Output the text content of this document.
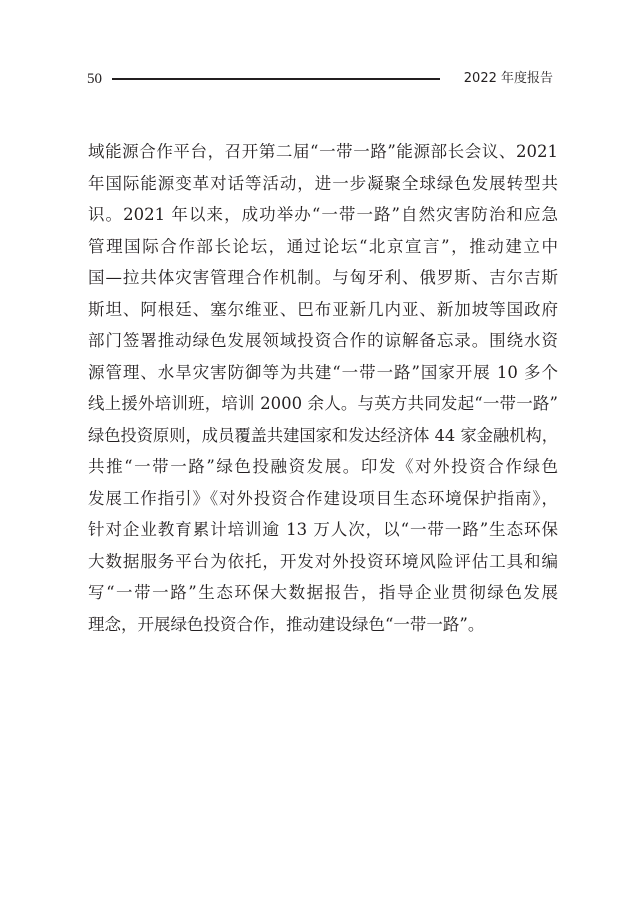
50	2022 年度报告
域能源合作平台，召开第二届“一带一路”能源部长会议、2021
年国际能源变革对话等活动，进一步凝聚全球绿色发展转型共
识。2021 年以来，成功举办“一带一路”自然灾害防治和应急
管理国际合作部长论坛，通过论坛“北京宣言”，推动建立中
国—拉共体灾害管理合作机制。与匈牙利、俄罗斯、吉尔吉斯
斯坦、阿根廷、塞尔维亚、巴布亚新几内亚、新加坡等国政府
部门签署推动绿色发展领域投资合作的谅解备忘录。围绕水资
源管理、水旱灾害防御等为共建“一带一路”国家开展 10 多个
线上援外培训班，培训 2000 余人。与英方共同发起“一带一路”
绿色投资原则，成员覆盖共建国家和发达经济体 44 家金融机构，
共推“一带一路”绿色投融资发展。印发《对外投资合作绿色
发展工作指引》《对外投资合作建设项目生态环境保护指南》，
针对企业教育累计培训逾 13 万人次，以“一带一路”生态环保
大数据服务平台为依托，开发对外投资环境风险评估工具和编
写“一带一路”生态环保大数据报告，指导企业贯彻绿色发展
理念，开展绿色投资合作，推动建设绿色“一带一路”。
